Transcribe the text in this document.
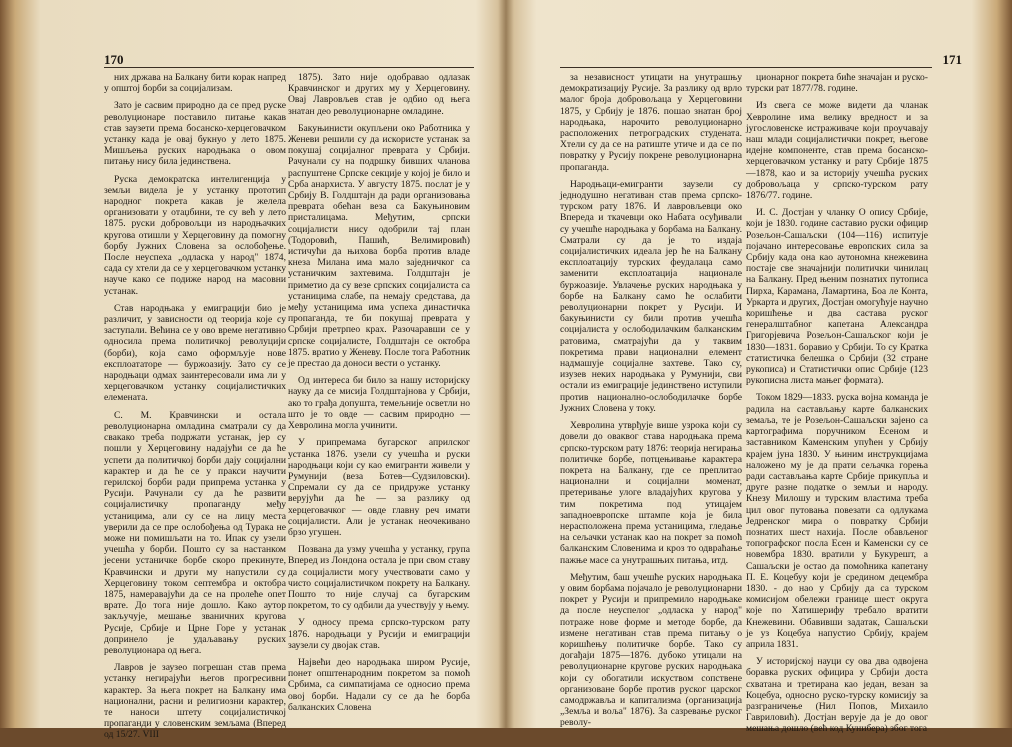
170

них држава на Балкану бити корак напред у општој борби за социјализам.

Зато је сасвим природно да се пред руске револуционаре поставило питање какав став заузети према босанско-херцеговачком устанку када је овај букнуо у лето 1875. Мишљења руских народњака о овом питању нису била јединствена.

Руска демократска интелигенција у земљи видела је у устанку прототип народног покрета какав је желела организовати у отаџбини, те су већ у лето 1875. руски добровољци из народњачких кругова отишли у Херцеговину да помогну борбу Јужних Словена за ослобођење. После неуспеха „одласка у народ" 1874, сада су хтели да се у херцеговачком устанку науче како се подиже народ на масовни устанак.

Став народњака у емиграцији био је различит, у зависности од теорија које су заступали. Већина се у ово време негативно односила према политичкој револуцији (борби), која само оформљује нове експлоататоре — буржоазију. Зато су се народњаци одмах заинтересовали има ли у херцеговачком устанку социјалистичких елемената.

С. М. Кравчински и остала револуционарна омладина сматрали су да свакако треба подржати устанак, јер су пошли у Херцеговину надајући се да ће успети да политичкој борби дају социјални карактер и да ће се у пракси научити герилској борби ради припрема устанка у Русији. Рачунали су да ће развити социјалистичку пропаганду међу устаницима, али су се на лицу места уверили да се пре ослобођења од Турака не може ни помишљати на то. Ипак су узели учешћа у борби. Пошто су за настанком јесени устаничке борбе скоро прекинуте, Кравчински и други му напустили су Херцеговину током септембра и октобра 1875, намеравајући да се на пролеће опет врате. До тога није дошло. Како аутор закључује, мешање званичних кругова Русије, Србије и Црне Горе у устанак допринело је удаљавању руских револуционара од њега.

Лавров је заузео погрешан став према устанку негирајући његов прогресивни карактер. За њега покрет на Балкану има национални, расни и религиозни карактер, те наноси штету социјалистичкој пропаганди у словенским земљама (Вперед од 15/27. VIII

1875). Зато није одобравао одлазак Кравчинског и других му у Херцеговину. Овај Лавровљев став је одбио од њега знатан део револуционарне омладине.

Бакуњинисти окупљени око Работника у Женеви решили су да искористе устанак за покушај социјалног преврата у Србији. Рачунали су на подршку бивших чланова распуштене Српске секције у којој је било и Срба анархиста. У августу 1875. послат је у Србију В. Голдштајн да ради организовања преврата обећан веза са Бакуњиновим присталицама. Међутим, српски социјалисти нису одобрили тај план (Тодоровић, Пашић, Велимировић) истичући да њихова борба против владе кнеза Милана има мало заједничког са устаничким захтевима. Голдштајн је приметио да су везе српских социјалиста са устаницима слабе, па немају средстава, да међу устаницима има успеха династичка пропаганда, те би покушај преврата у Србији претрпео крах. Разочаравши се у српске социјалисте, Голдштајн се октобра 1875. вратио у Женеву. После тога Работник је престао да доноси вести о устанку.

Од интереса би било за нашу историјску науку да се мисија Голдштајнова у Србији, ако то грађа допушта, темељније осветли но што је то овде — сасвим природно — Хевролина могла учинити.

У припремама бугарског априлског устанка 1876. узели су учешћа и руски народњаци који су као емигранти живели у Румунији (веза Ботев—Судзиловски). Спремали су да се придруже устанку верујући да ће — за разлику од херцеговачког — овде главну реч имати социјалисти. Али је устанак неочекивано брзо угушен.

Позвана да узму учешћа у устанку, група Вперед из Лондона остала је при свом ставу да социјалисти могу учествовати само у чисто социјалистичком покрету на Балкану. Пошто то није случај са бугарским покретом, то су одбили да учествују у њему.

У односу према српско-турском рату 1876. народњаци у Русији и емиграцији заузели су двојак став.

Највећи део народњака широм Русије, понет општенародним покретом за помоћ Србима, са симпатијама се односио према овој борби. Надали су се да ће борба балканских Словена

171

за независност утицати на унутрашњу демократизацију Русије. За разлику од врло малог броја добровољаца у Херцеговини 1875, у Србију је 1876. пошао знатан број народњака, нарочито револуционарно расположених петроградских студената. Хтели су да се на ратиште утиче и да се по повратку у Русију покрене револуционарна пропаганда.

Народњаци-емигранти заузели су једнодушно негативан став према српско-турском рату 1876. И лавровљевци око Впереда и ткачевци око Набата осуђивали су учешће народњака у борбама на Балкану. Сматрали су да је то издаја социјалистичких идеала јер ће на Балкану експлоатацију турских феудалаца само заменити експлоатација национале буржоазије. Увлачење руских народњака у борбе на Балкану само ће ослабити револуционарни покрет у Русији. И бакуњинисти су били против учешћа социјалиста у ослободилачким балканским ратовима, сматрајући да у таквим покретима прави национални елемент надмашује социјалне захтеве. Тако су, изузев неких народњака у Румунији, сви остали из емиграције јединствено иступили против национално-ослободилачке борбе Јужних Словена у току.

Хевролина утврђује више узрока који су довели до оваквог става народњака према српско-турском рату 1876: теорија негирања политичке борбе, потцењивање карактера покрета на Балкану, где се преплитао национални и социјални моменат, претеривање улоге владајућих кругова у тим покретима под утицајем западноевропске штампе која је била нерасположена према устаницима, гледање на сељачки устанак као на покрет за помоћ балканским Словенима и кроз то одвраћање пажње масе са унутрашњих питања, итд.

Међутим, баш учешће руских народњака у овим борбама појачало је револуционарни покрет у Русији и припремило народњаке да после неуспелог „одласка у народ" потраже нове форме и методе борбе, да измене негативан став према питању о коришћењу политичке борбе. Тако су догађаји 1875—1876. дубоко утицали на револуционарне кругове руских народњака који су обогатили искуством сопствене организоване борбе против руског царског самодржавља и капитализма (организација „Земља и воља" 1876). За сазревање руског револу-

ционарног покрета биће значајан и руско-турски рат 1877/78. године.

Из свега се може видети да чланак Хевролине има велику вредност и за југословенске истраживаче који проучавају наш млади социјалистички покрет, његове идејне компоненте, став према босанско-херцеговачком устанку и рату Србије 1875—1878, као и за историју учешћа руских добровољаца у српско-турском рату 1876/77. године.

И. С. Достјан у чланку О опису Србије, који је 1830. године саставио руски официр Розељон-Сашаљски (104—116) испитује појачано интересовање европских сила за Србију када она као аутономна кнежевина постаје све значајнији политички чинилац на Балкану. Пред њеним познатих путописа Пирха, Карамана, Ламартина, Боа ле Конта, Уркарта и других, Достјан омогућује научно коришћење и два састава руског генералштабног капетана Александра Григорјевича Розељон-Сашаљског који је 1830—1831. боравио у Србији. То су Кратка статистичка белешка о Србији (32 стране рукописа) и Статистички опис Србије (123 рукописна листа мањег формата).

Током 1829—1833. руска војна команда је радила на састављању карте балканских земаља, те је Розељон-Сашаљски зајенo са картографима поручником Есеном и заставником Каменским упућен у Србију крајем јуна 1830. У њиним инструкцијама наложено му је да прати сељачка горења ради састављања карте Србије прикупља и друге разне податке о земљи и народу. Кнезу Милошу и турским властима треба цил овог путовања повезати са одлукама Једренског мира о повратку Србији познатих шест нахија. После обављеног топографског посла Есен и Каменски су се новембра 1830. вратили у Букурешт, а Сашаљски је остао да помоћника капетану П. Е. Коцебуу који је средином децембра 1830. - до нао у Србију да са турском комисијом обележи границе шест округа које по Хатишерифу требало вратити Кнежевини. Обавивши задатак, Сашаљски је уз Коцебуа напустио Србију, крајем априла 1831.

У историјској науци су ова два одвојена боравка руских официра у Србији доста схватана и третирана као један, везан за Коцебуа, односно руско-турску комисију за разграничење (Нил Попов, Михаило Гавриловић). Достјан верује да је до овог мешања дошло (већ код Кунибера) због тога
